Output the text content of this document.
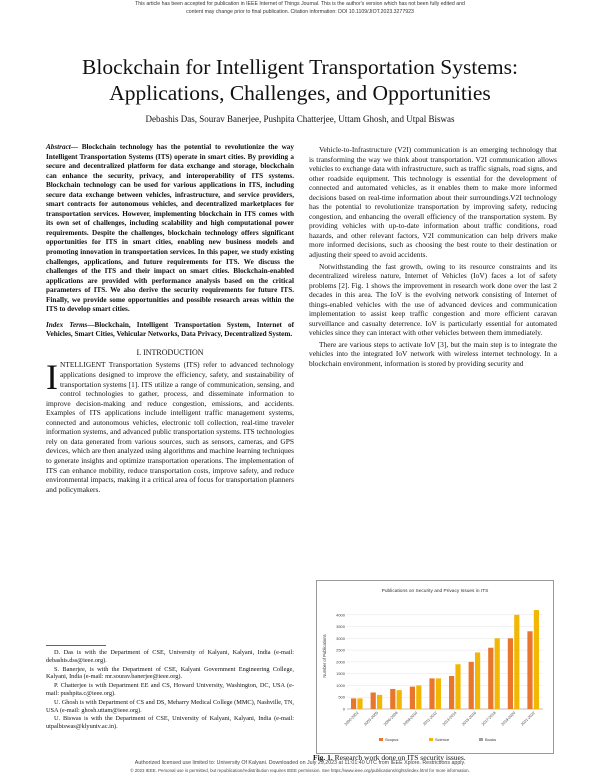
This article has been accepted for publication in IEEE Internet of Things Journal. This is the author's version which has not been fully edited and
content may change prior to final publication. Citation information: DOI 10.1109/JIOT.2023.3277923
Blockchain for Intelligent Transportation Systems:
Applications, Challenges, and Opportunities
Debashis Das, Sourav Banerjee, Pushpita Chatterjee, Uttam Ghosh, and Utpal Biswas

Abstract— Blockchain technology has the potential to revolutionize the way Intelligent Transportation Systems (ITS) operate in smart cities. By providing a secure and decentralized platform for data exchange and storage, blockchain can enhance the security, privacy, and interoperability of ITS systems. Blockchain technology can be used for various applications in ITS, including secure data exchange between vehicles, infrastructure, and service providers, smart contracts for autonomous vehicles, and decentralized marketplaces for transportation services. However, implementing blockchain in ITS comes with its own set of challenges, including scalability and high computational power requirements. Despite the challenges, blockchain technology offers significant opportunities for ITS in smart cities, enabling new business models and promoting innovation in transportation services. In this paper, we study existing challenges, applications, and future requirements for ITS. We discuss the challenges of the ITS and their impact on smart cities. Blockchain-enabled applications are provided with performance analysis based on the critical parameters of ITS. We also derive the security requirements for future ITS. Finally, we provide some opportunities and possible research areas within the ITS to develop smart cities.

Index Terms—Blockchain, Intelligent Transportation System, Internet of Vehicles, Smart Cities, Vehicular Networks, Data Privacy, Decentralized System.

I. INTRODUCTION

INTELLIGENT Transportation Systems (ITS) refer to advanced technology applications designed to improve the efficiency, safety, and sustainability of transportation systems [1]. ITS utilize a range of communication, sensing, and control technologies to gather, process, and disseminate information to improve decision-making and reduce congestion, emissions, and accidents. Examples of ITS applications include intelligent traffic management systems, connected and autonomous vehicles, electronic toll collection, real-time traveler information systems, and advanced public transportation systems. ITS technologies rely on data generated from various sources, such as sensors, cameras, and GPS devices, which are then analyzed using algorithms and machine learning techniques to generate insights and optimize transportation operations. The implementation of ITS can enhance mobility, reduce transportation costs, improve safety, and reduce environmental impacts, making it a critical area of focus for transportation planners and policymakers.

D. Das is with the Department of CSE, University of Kalyani, Kalyani, India (e-mail: debashis.dss@ieee.org).

S. Banerjee, is with the Department of CSE, Kalyani Government Engineering College, Kalyani, India (e-mail: mr.sourav.banerjee@ieee.org).

P. Chatterjee is with Department EE and CS, Howard University, Washington, DC, USA (e-mail: pushpita.c@ieee.org).

U. Ghosh is with Department of CS and DS, Meharry Medical College (MMC), Nashville, TN, USA (e-mail: ghosh.uttam@ieee.org).

U. Biswas is with the Department of CSE, University of Kalyani, Kalyani, India (e-mail: utpalbiswas@klyuniv.ac.in).

Vehicle-to-Infrastructure (V2I) communication is an emerging technology that is transforming the way we think about transportation. V2I communication allows vehicles to exchange data with infrastructure, such as traffic signals, road signs, and other roadside equipment. This technology is essential for the development of connected and automated vehicles, as it enables them to make more informed decisions based on real-time information about their surroundings.V2I technology has the potential to revolutionize transportation by improving safety, reducing congestion, and enhancing the overall efficiency of the transportation system. By providing vehicles with up-to-date information about traffic conditions, road hazards, and other relevant factors, V2I communication can help drivers make more informed decisions, such as choosing the best route to their destination or adjusting their speed to avoid accidents.

Notwithstanding the fast growth, owing to its resource constraints and its decentralized wireless nature, Internet of Vehicles (IoV) faces a lot of safety problems [2]. Fig. 1 shows the improvement in research work done over the last 2 decades in this area. The IoV is the evolving network consisting of Internet of things-enabled vehicles with the use of advanced devices and communication implementation to assist keep traffic congestion and more efficient caravan surveillance and casualty deterrence. IoV is particularly essential for automated vehicles since they can interact with other vehicles between them immediately.

There are various steps to activate IoV [3], but the main step is to integrate the vehicles into the integrated IoV network with wireless internet technology. In a blockchain environment, information is stored by providing security and

Publications on Security and Privacy Issues in ITS
Number of Publications
0
500
1000
1500
2000
2500
3000
3500
4000
2000-2002 2003-2005 2006-2008 2009-2010 2011-2012 2013-2014 2015-2016 2017-2018 2019-2020 2021-2022
Scopus	Science	Books
Fig. 1. Research work done on ITS security issues.
Authorized licensed use limited to: University Of Kalyani. Downloaded on July 29,2023 at 11:01:40 UTC from IEEE Xplore. Restrictions apply.
© 2023 IEEE. Personal use is permitted, but republication/redistribution requires IEEE permission. See https://www.ieee.org/publications/rights/index.html for more information.
